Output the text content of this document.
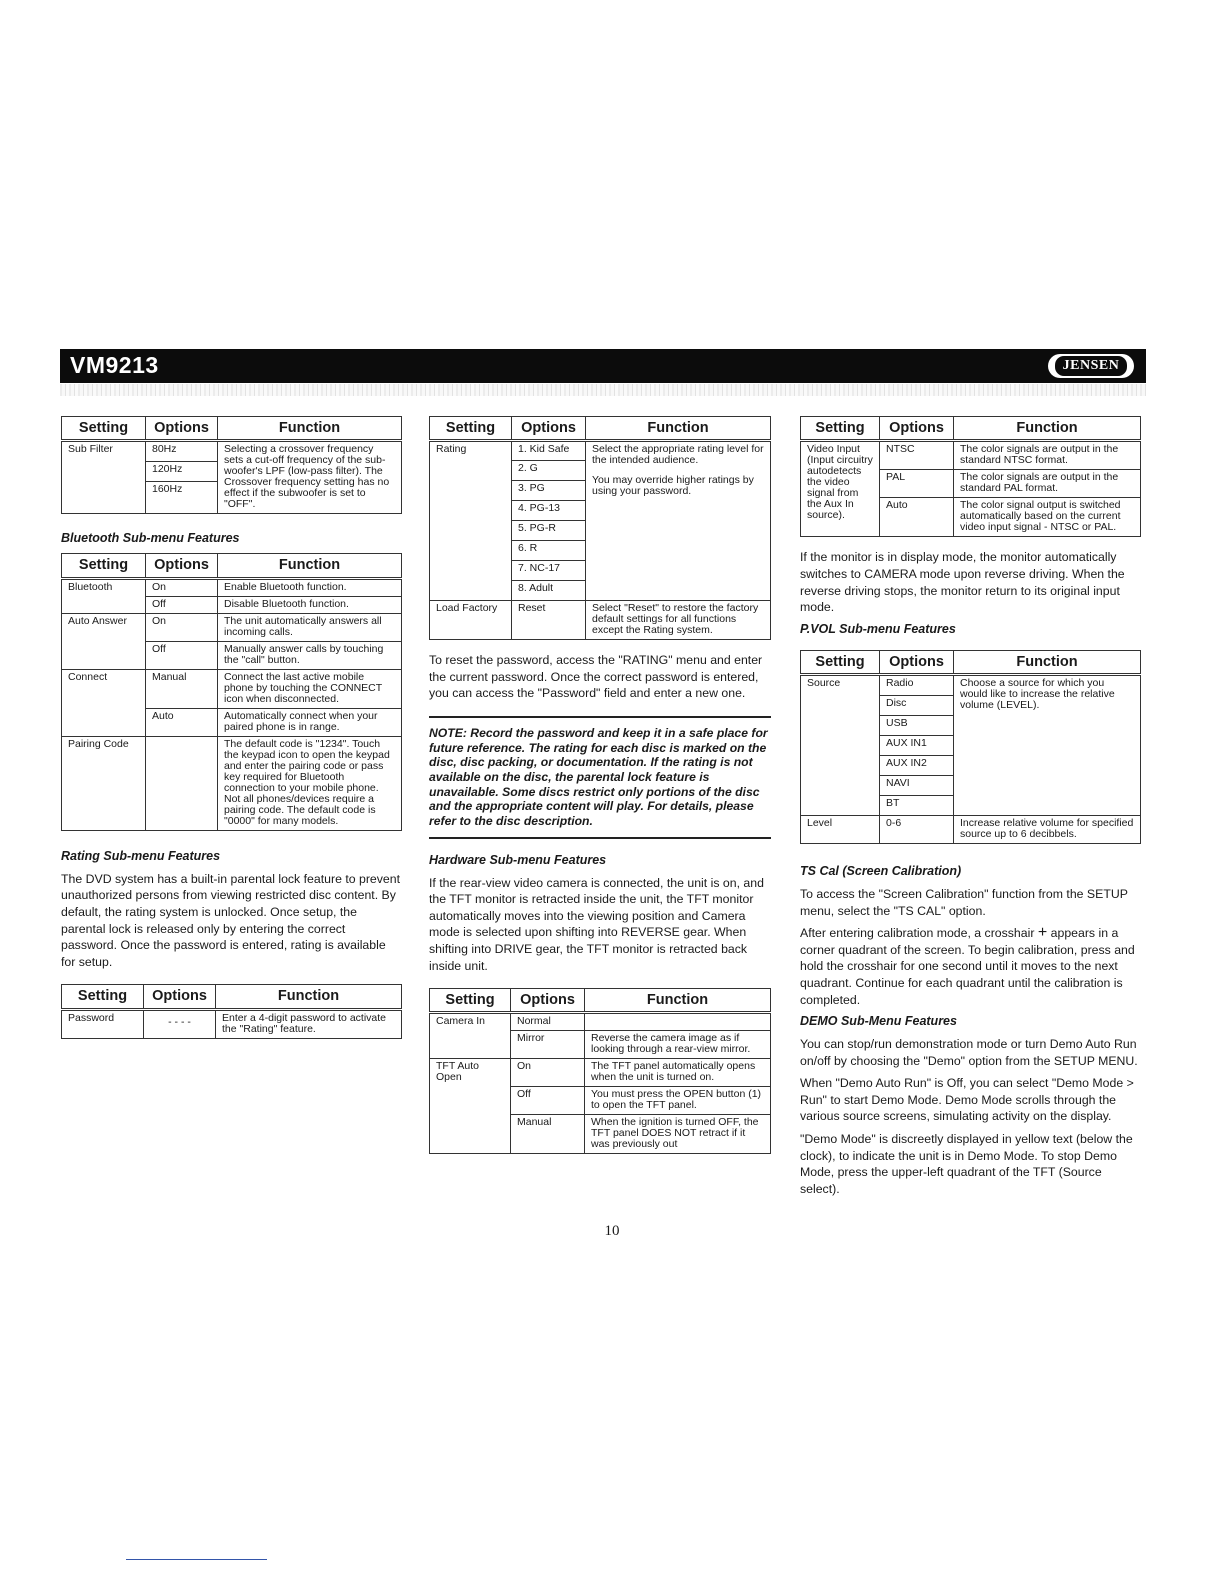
VM9213	JENSEN
Setting	Options	Function
Sub Filter	80Hz	Selecting a crossover frequency sets a cut-off frequency of the sub-woofer's LPF (low-pass filter). The Crossover frequency setting has no effect if the subwoofer is set to "OFF".
	120Hz	
	160Hz	
Bluetooth Sub-menu Features
Setting	Options	Function
Bluetooth	On	Enable Bluetooth function.
	Off	Disable Bluetooth function.
Auto Answer	On	The unit automatically answers all incoming calls.
	Off	Manually answer calls by touching the "call" button.
Connect	Manual	Connect the last active mobile phone by touching the CONNECT icon when disconnected.
	Auto	Automatically connect when your paired phone is in range.
Pairing Code		The default code is "1234". Touch the keypad icon to open the keypad and enter the pairing code or pass key required for Bluetooth connection to your mobile phone. Not all phones/devices require a pairing code. The default code is "0000" for many models.
Rating Sub-menu Features

The DVD system has a built-in parental lock feature to prevent unauthorized persons from viewing restricted disc content. By default, the rating system is unlocked. Once setup, the parental lock is released only by entering the correct password. Once the password is entered, rating is available for setup.

Setting	Options	Function
Password	- - - -	Enter a 4-digit password to activate the "Rating" feature.
Setting	Options	Function
Rating	1. Kid Safe	Select the appropriate rating level for the intended audience.
You may override higher ratings by using your password.

	2. G	
	3. PG	
	4. PG-13	
	5. PG-R	
	6. R	
	7. NC-17	
	8. Adult	
Load Factory	Reset	Select "Reset" to restore the factory default settings for all functions except the Rating system.

To reset the password, access the "RATING" menu and enter the current password. Once the correct password is entered, you can access the "Password" field and enter a new one.

NOTE: Record the password and keep it in a safe place for future reference. The rating for each disc is marked on the disc, disc packing, or documentation. If the rating is not available on the disc, the parental lock feature is unavailable. Some discs restrict only portions of the disc and the appropriate content will play. For details, please refer to the disc description.
Hardware Sub-menu Features

If the rear-view video camera is connected, the unit is on, and the TFT monitor is retracted inside the unit, the TFT monitor automatically moves into the viewing position and Camera mode is selected upon shifting into REVERSE gear. When shifting into DRIVE gear, the TFT monitor is retracted back inside unit.

Setting	Options	Function
Camera In	Normal	
	Mirror	Reverse the camera image as if looking through a rear-view mirror.
TFT Auto Open	On	The TFT panel automatically opens when the unit is turned on.
	Off	You must press the OPEN button (1) to open the TFT panel.
	Manual	When the ignition is turned OFF, the TFT panel DOES NOT retract if it was previously out
Setting	Options	Function
Video Input (Input circuitry autodetects the video signal from the Aux In source).	NTSC	The color signals are output in the standard NTSC format.
	PAL	The color signals are output in the standard PAL format.
	Auto	The color signal output is switched automatically based on the current video input signal - NTSC or PAL.

If the monitor is in display mode, the monitor automatically switches to CAMERA mode upon reverse driving. When the reverse driving stops, the monitor return to its original input mode.

P.VOL Sub-menu Features
Setting	Options	Function
Source	Radio	Choose a source for which you would like to increase the relative volume (LEVEL).
	Disc	
	USB	
	AUX IN1	
	AUX IN2	
	NAVI	
	BT	
Level	0-6	Increase relative volume for specified source up to 6 decibbels.
TS Cal (Screen Calibration)

To access the "Screen Calibration" function from the SETUP menu, select the "TS CAL" option.

After entering calibration mode, a crosshair + appears in a corner quadrant of the screen. To begin calibration, press and hold the crosshair for one second until it moves to the next quadrant. Continue for each quadrant until the calibration is completed.

DEMO Sub-Menu Features

You can stop/run demonstration mode or turn Demo Auto Run on/off by choosing the "Demo" option from the SETUP MENU.

When "Demo Auto Run" is Off, you can select "Demo Mode > Run" to start Demo Mode. Demo Mode scrolls through the various source screens, simulating activity on the display.

"Demo Mode" is discreetly displayed in yellow text (below the clock), to indicate the unit is in Demo Mode. To stop Demo Mode, press the upper-left quadrant of the TFT (Source select).

10
